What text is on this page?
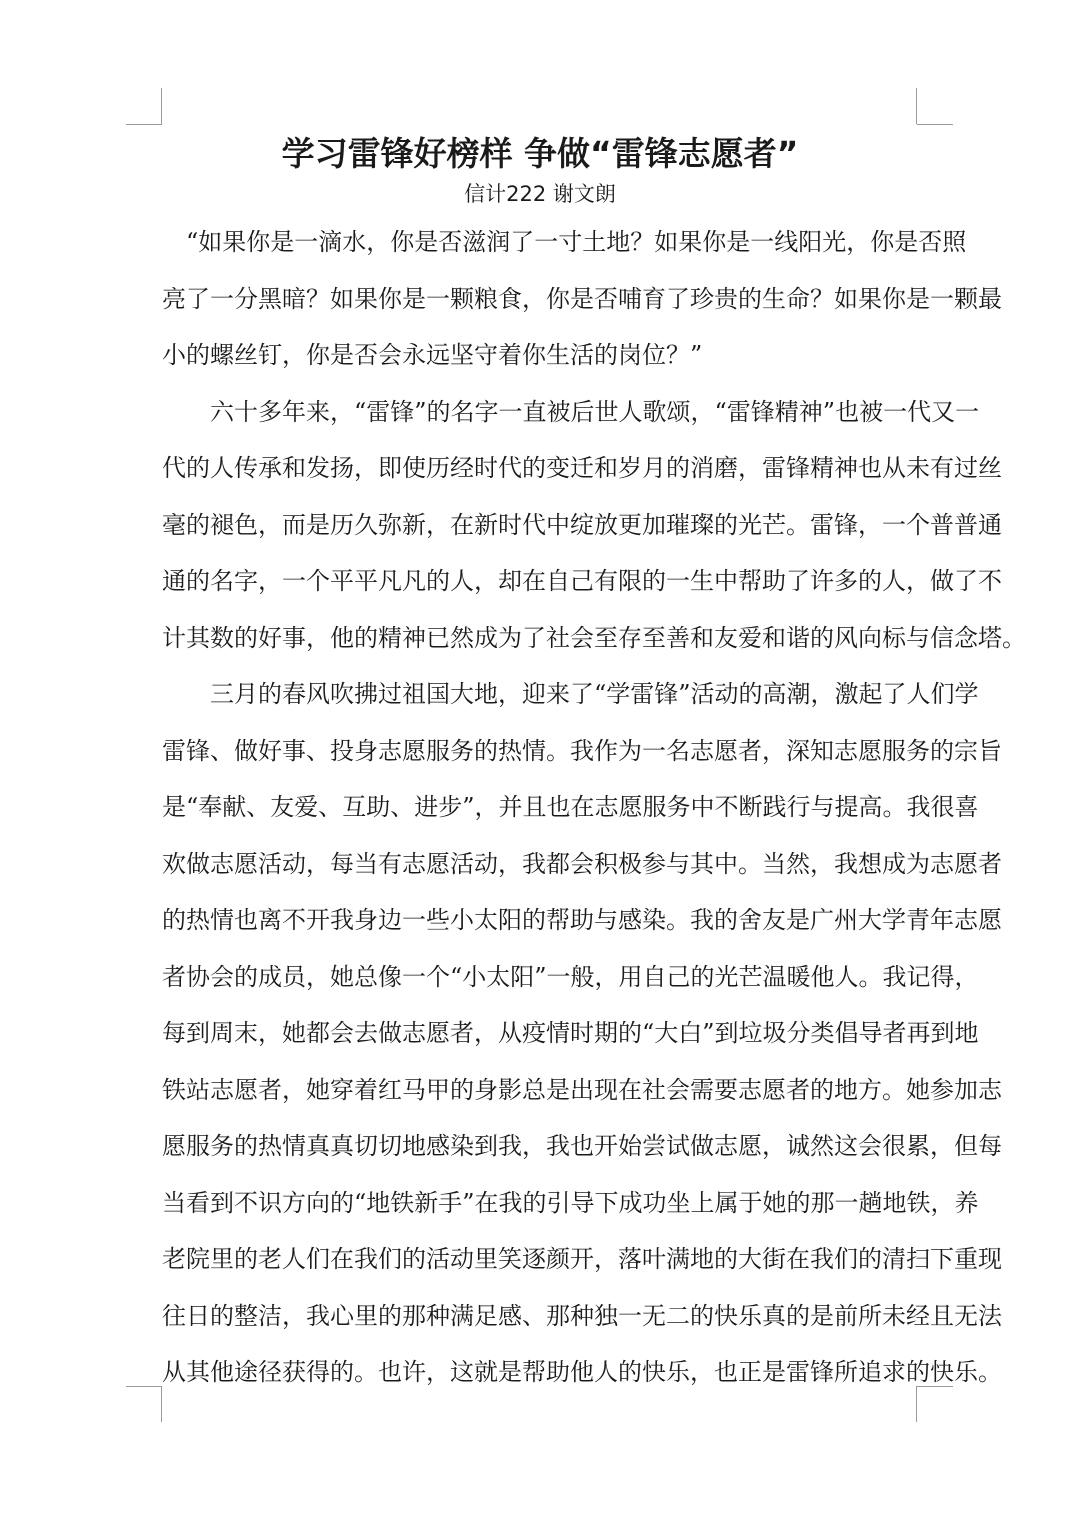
学习雷锋好榜样 争做“雷锋志愿者”
信计222 谢文朗
　“如果你是一滴水，你是否滋润了一寸土地？如果你是一线阳光，你是否照
亮了一分黑暗？如果你是一颗粮食，你是否哺育了珍贵的生命？如果你是一颗最
小的螺丝钉，你是否会永远坚守着你生活的岗位？”
　　六十多年来，“雷锋”的名字一直被后世人歌颂，“雷锋精神”也被一代又一
代的人传承和发扬，即使历经时代的变迁和岁月的消磨，雷锋精神也从未有过丝
毫的褪色，而是历久弥新，在新时代中绽放更加璀璨的光芒。雷锋，一个普普通
通的名字，一个平平凡凡的人，却在自己有限的一生中帮助了许多的人，做了不
计其数的好事，他的精神已然成为了社会至存至善和友爱和谐的风向标与信念塔。
　　三月的春风吹拂过祖国大地，迎来了“学雷锋”活动的高潮，激起了人们学
雷锋、做好事、投身志愿服务的热情。我作为一名志愿者，深知志愿服务的宗旨
是“奉献、友爱、互助、进步”，并且也在志愿服务中不断践行与提高。我很喜
欢做志愿活动，每当有志愿活动，我都会积极参与其中。当然，我想成为志愿者
的热情也离不开我身边一些小太阳的帮助与感染。我的舍友是广州大学青年志愿
者协会的成员，她总像一个“小太阳”一般，用自己的光芒温暖他人。我记得，
每到周末，她都会去做志愿者，从疫情时期的“大白”到垃圾分类倡导者再到地
铁站志愿者，她穿着红马甲的身影总是出现在社会需要志愿者的地方。她参加志
愿服务的热情真真切切地感染到我，我也开始尝试做志愿，诚然这会很累，但每
当看到不识方向的“地铁新手”在我的引导下成功坐上属于她的那一趟地铁，养
老院里的老人们在我们的活动里笑逐颜开，落叶满地的大街在我们的清扫下重现
往日的整洁，我心里的那种满足感、那种独一无二的快乐真的是前所未经且无法
从其他途径获得的。也许，这就是帮助他人的快乐，也正是雷锋所追求的快乐。
